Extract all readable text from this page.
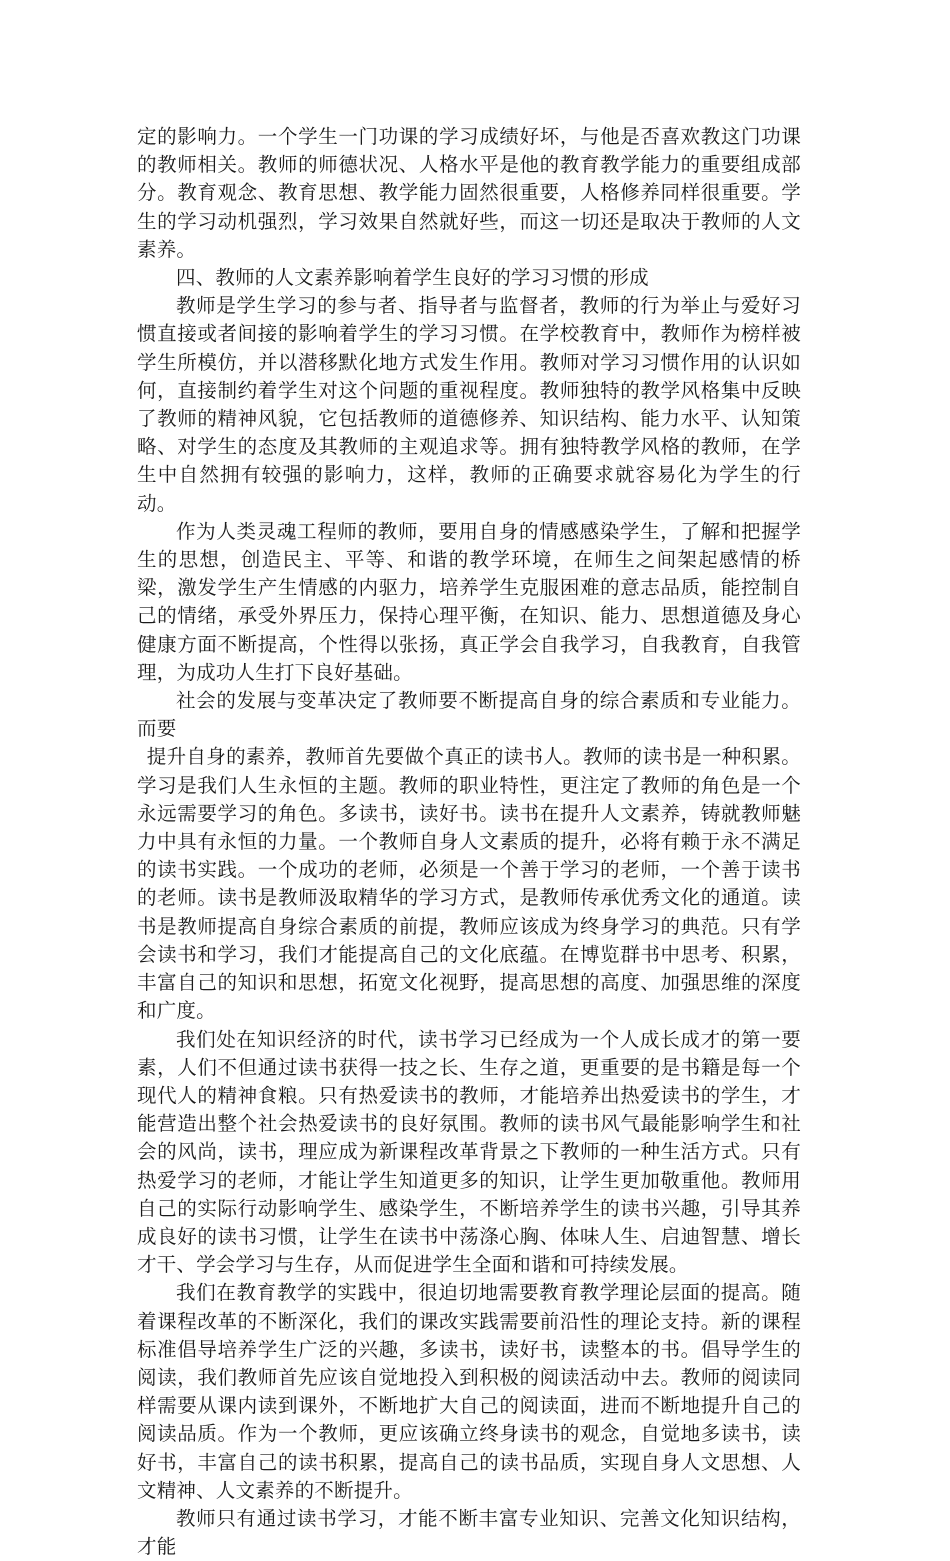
定的影响力。一个学生一门功课的学习成绩好坏，与他是否喜欢教这门功课的教师相关。教师的师德状况、人格水平是他的教育教学能力的重要组成部分。教育观念、教育思想、教学能力固然很重要，人格修养同样很重要。学生的学习动机强烈，学习效果自然就好些，而这一切还是取决于教师的人文素养。

四、教师的人文素养影响着学生良好的学习习惯的形成

教师是学生学习的参与者、指导者与监督者，教师的行为举止与爱好习惯直接或者间接的影响着学生的学习习惯。在学校教育中，教师作为榜样被学生所模仿，并以潜移默化地方式发生作用。教师对学习习惯作用的认识如何，直接制约着学生对这个问题的重视程度。教师独特的教学风格集中反映了教师的精神风貌，它包括教师的道德修养、知识结构、能力水平、认知策略、对学生的态度及其教师的主观追求等。拥有独特教学风格的教师，在学生中自然拥有较强的影响力，这样，教师的正确要求就容易化为学生的行动。

作为人类灵魂工程师的教师，要用自身的情感感染学生，了解和把握学生的思想，创造民主、平等、和谐的教学环境，在师生之间架起感情的桥梁，激发学生产生情感的内驱力，培养学生克服困难的意志品质，能控制自己的情绪，承受外界压力，保持心理平衡，在知识、能力、思想道德及身心健康方面不断提高，个性得以张扬，真正学会自我学习，自我教育，自我管理，为成功人生打下良好基础。

社会的发展与变革决定了教师要不断提高自身的综合素质和专业能力。而要

提升自身的素养，教师首先要做个真正的读书人。教师的读书是一种积累。学习是我们人生永恒的主题。教师的职业特性，更注定了教师的角色是一个永远需要学习的角色。多读书，读好书。读书在提升人文素养，铸就教师魅力中具有永恒的力量。一个教师自身人文素质的提升，必将有赖于永不满足的读书实践。一个成功的老师，必须是一个善于学习的老师，一个善于读书的老师。读书是教师汲取精华的学习方式，是教师传承优秀文化的通道。读书是教师提高自身综合素质的前提，教师应该成为终身学习的典范。只有学会读书和学习，我们才能提高自己的文化底蕴。在博览群书中思考、积累，丰富自己的知识和思想，拓宽文化视野，提高思想的高度、加强思维的深度和广度。

我们处在知识经济的时代，读书学习已经成为一个人成长成才的第一要素，人们不但通过读书获得一技之长、生存之道，更重要的是书籍是每一个现代人的精神食粮。只有热爱读书的教师，才能培养出热爱读书的学生，才能营造出整个社会热爱读书的良好氛围。教师的读书风气最能影响学生和社会的风尚，读书，理应成为新课程改革背景之下教师的一种生活方式。只有热爱学习的老师，才能让学生知道更多的知识，让学生更加敬重他。教师用自己的实际行动影响学生、感染学生，不断培养学生的读书兴趣，引导其养成良好的读书习惯，让学生在读书中荡涤心胸、体味人生、启迪智慧、增长才干、学会学习与生存，从而促进学生全面和谐和可持续发展。

我们在教育教学的实践中，很迫切地需要教育教学理论层面的提高。随着课程改革的不断深化，我们的课改实践需要前沿性的理论支持。新的课程标准倡导培养学生广泛的兴趣，多读书，读好书，读整本的书。倡导学生的阅读，我们教师首先应该自觉地投入到积极的阅读活动中去。教师的阅读同样需要从课内读到课外，不断地扩大自己的阅读面，进而不断地提升自己的阅读品质。作为一个教师，更应该确立终身读书的观念，自觉地多读书，读好书，丰富自己的读书积累，提高自己的读书品质，实现自身人文思想、人文精神、人文素养的不断提升。

教师只有通过读书学习，才能不断丰富专业知识、完善文化知识结构，才能
